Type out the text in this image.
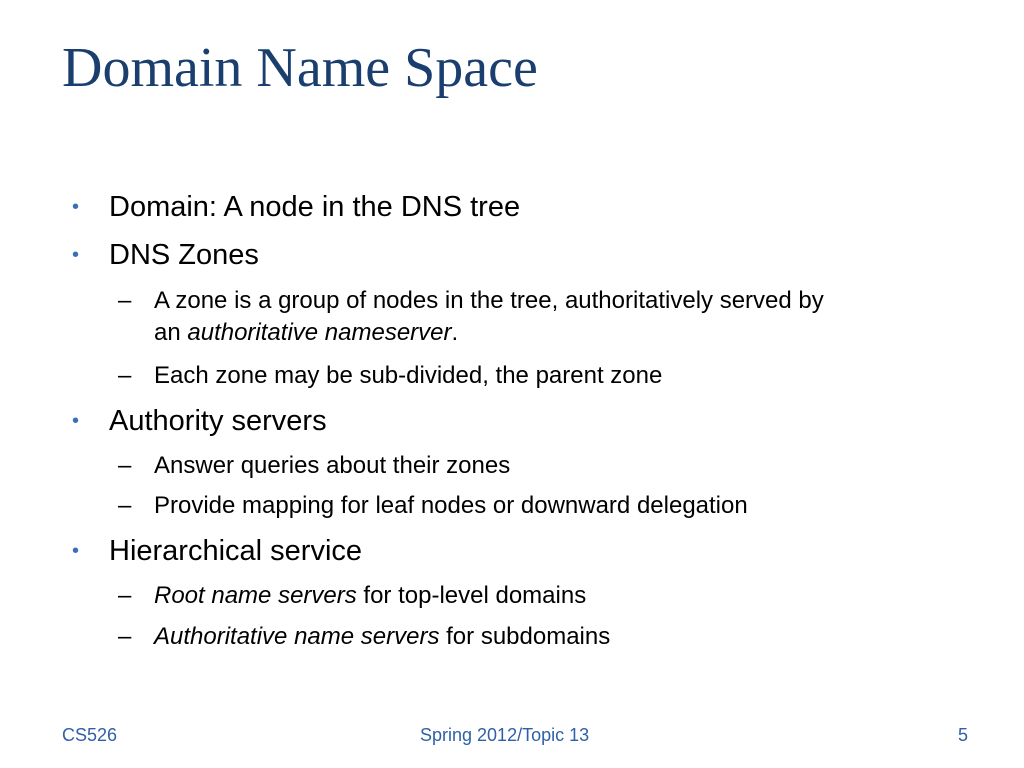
Domain Name Space
• Domain: A node in the DNS tree
• DNS Zones
– A zone is a group of nodes in the tree, authoritatively served by
an authoritative nameserver.
– Each zone may be sub-divided, the parent zone
• Authority servers
– Answer queries about their zones
– Provide mapping for leaf nodes or downward delegation
• Hierarchical service
– Root name servers for top-level domains
– Authoritative name servers for subdomains
CS526	Spring 2012/Topic 13	5
